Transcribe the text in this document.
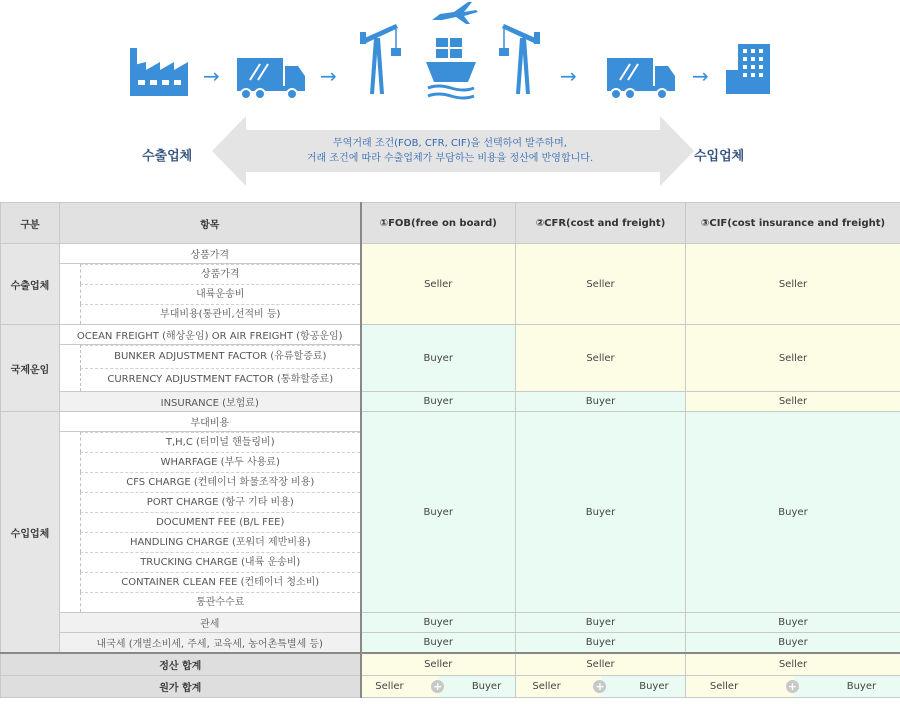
→	→	→	→
수출업체
무역거래 조건(FOB, CFR, CIF)을 선택하여 발주하며,
거래 조건에 따라 수출업체가 부담하는 비용을 정산에 반영합니다.	수입업체
구분	항목	①FOB(free on board)	②CFR(cost and freight)	③CIF(cost insurance and freight)
수출업체	상품가격	Seller	Seller	Seller

	상품가격			

	내륙운송비			

	부대비용(통관비,선적비 등)			

국제운임	OCEAN FREIGHT (해상운임) OR AIR FREIGHT (항공운임)	Buyer	Seller	Seller

	BUNKER ADJUSTMENT FACTOR (유류할증료)			

	CURRENCY ADJUSTMENT FACTOR (통화할증료)			

	INSURANCE (보험료)	Buyer	Buyer	Seller
수입업체	부대비용	Buyer	Buyer	Buyer

	T,H,C (터미널 핸들링비)			

	WHARFAGE (부두 사용료)			

	CFS CHARGE (컨테이너 화물조작장 비용)			

	PORT CHARGE (항구 기타 비용)			

	DOCUMENT FEE (B/L FEE)			

	HANDLING CHARGE (포워더 제반비용)			

	TRUCKING CHARGE (내륙 운송비)			

	CONTAINER CLEAN FEE (컨테이너 청소비)			

	통관수수료			

	관세	Buyer	Buyer	Buyer
	내국세 (개별소비세, 주세, 교육세, 농어촌특별세 등)	Buyer	Buyer	Buyer
정산 합계		Seller	Seller	Seller
원가 합계		Seller + Buyer	Seller + Buyer	Seller + Buyer
